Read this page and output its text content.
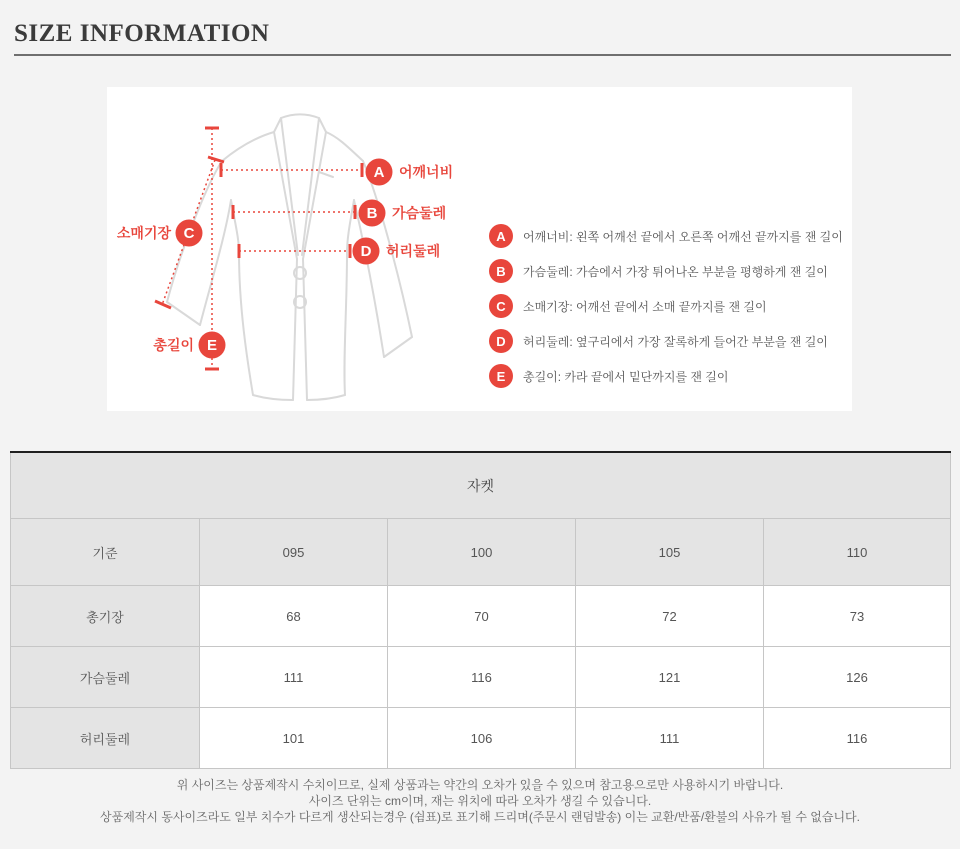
SIZE INFORMATION
A
B
C
D
E
어깨너비
가슴둘레
소매기장
허리둘레
총길이
A	어깨너비: 왼쪽 어깨선 끝에서 오른쪽 어깨선 끝까지를 잰 길이
B	가슴둘레: 가슴에서 가장 튀어나온 부분을 평행하게 잰 길이
C	소매기장: 어깨선 끝에서 소매 끝까지를 잰 길이
D	허리둘레: 옆구리에서 가장 잘록하게 들어간 부분을 잰 길이
E	총길이: 카라 끝에서 밑단까지를 잰 길이
자켓				
기준	095	100	105	110
총기장	68	70	72	73
가슴둘레	111	116	121	126
허리둘레	101	106	111	116
위 사이즈는 상품제작시 수치이므로, 실제 상품과는 약간의 오차가 있을 수 있으며 참고용으로만 사용하시기 바랍니다.
사이즈 단위는 cm이며, 재는 위치에 따라 오차가 생길 수 있습니다.
상품제작시 동사이즈라도 일부 치수가 다르게 생산되는경우 (쉼표)로 표기해 드리며(주문시 랜덤발송) 이는 교환/반품/환불의 사유가 될 수 없습니다.
